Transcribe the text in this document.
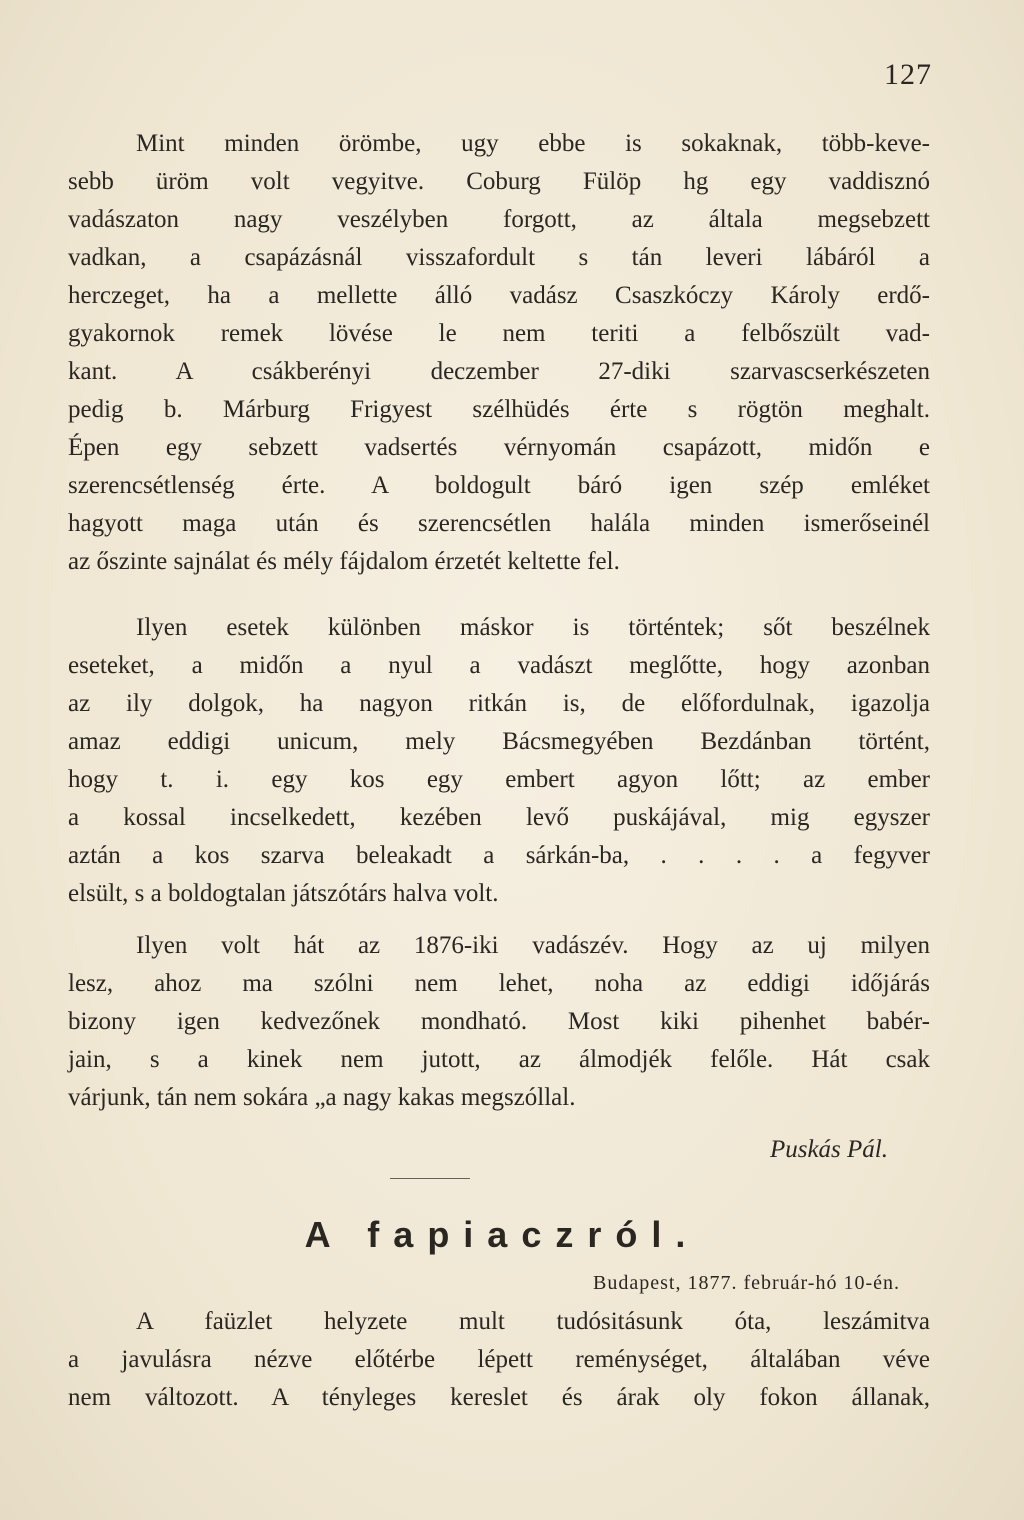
127
Mint minden örömbe, ugy ebbe is sokaknak, több-keve-
sebb üröm volt vegyitve. Coburg Fülöp hg egy vaddisznó
vadászaton nagy veszélyben forgott, az általa megsebzett
vadkan, a csapázásnál visszafordult s tán leveri lábáról a
herczeget, ha a mellette álló vadász Csaszkóczy Károly erdő-
gyakornok remek lövése le nem teriti a felbőszült vad-
kant. A csákberényi deczember 27-diki szarvascserkészeten
pedig b. Márburg Frigyest szélhüdés érte s rögtön meghalt.
Épen egy sebzett vadsertés vérnyomán csapázott, midőn e
szerencsétlenség érte. A boldogult báró igen szép emléket
hagyott maga után és szerencsétlen halála minden ismerőseinél
az őszinte sajnálat és mély fájdalom érzetét keltette fel.
Ilyen esetek különben máskor is történtek; sőt beszélnek
eseteket, a midőn a nyul a vadászt meglőtte, hogy azonban
az ily dolgok, ha nagyon ritkán is, de előfordulnak, igazolja
amaz eddigi unicum, mely Bácsmegyében Bezdánban történt,
hogy t. i. egy kos egy embert agyon lőtt; az ember
a kossal incselkedett, kezében levő puskájával, mig egyszer
aztán a kos szarva beleakadt a sárkán-ba, . . . . a fegyver
elsült, s a boldogtalan játszótárs halva volt.
Ilyen volt hát az 1876-iki vadászév. Hogy az uj milyen
lesz, ahoz ma szólni nem lehet, noha az eddigi időjárás
bizony igen kedvezőnek mondható. Most kiki pihenhet babér-
jain, s a kinek nem jutott, az álmodjék felőle. Hát csak
várjunk, tán nem sokára „a nagy kakas megszóllal.
Puskás Pál.
A fapiaczról.
Budapest, 1877. február-hó 10-én.
A faüzlet helyzete mult tudósitásunk óta, leszámitva
a javulásra nézve előtérbe lépett reménységet, általában véve
nem változott. A tényleges kereslet és árak oly fokon állanak,
